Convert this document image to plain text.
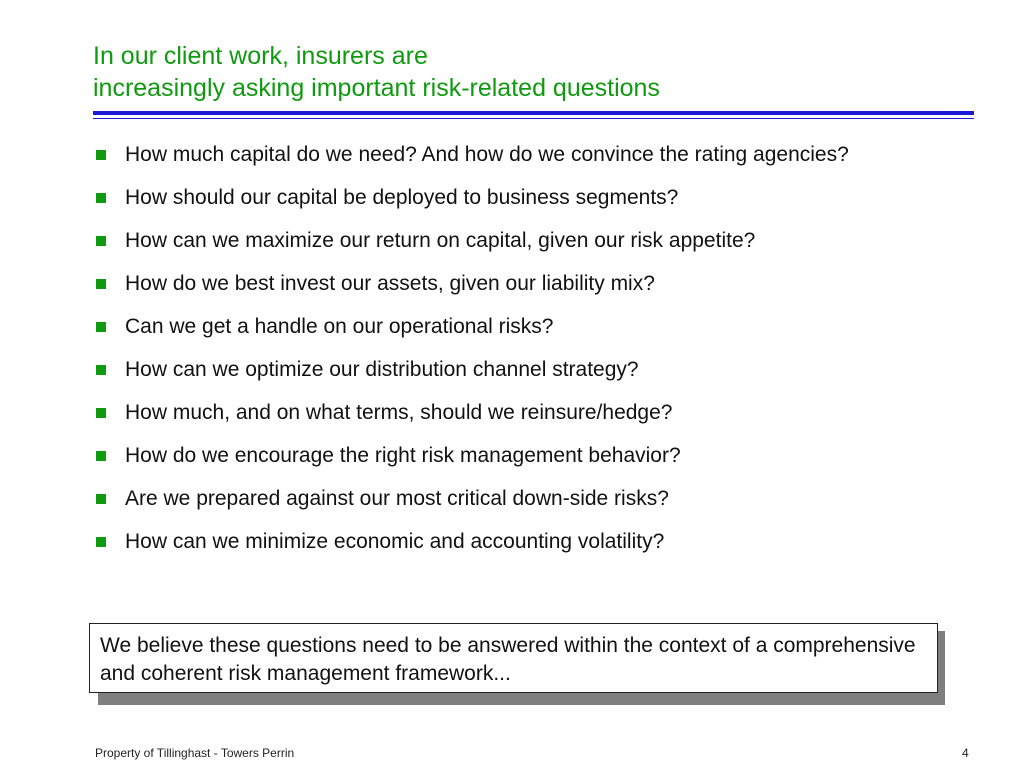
In our client work, insurers are
increasingly asking important risk-related questions
How much capital do we need? And how do we convince the rating agencies?
How should our capital be deployed to business segments?
How can we maximize our return on capital, given our risk appetite?
How do we best invest our assets, given our liability mix?
Can we get a handle on our operational risks?
How can we optimize our distribution channel strategy?
How much, and on what terms, should we reinsure/hedge?
How do we encourage the right risk management behavior?
Are we prepared against our most critical down-side risks?
How can we minimize economic and accounting volatility?
We believe these questions need to be answered within the context of a comprehensive and coherent risk management framework...
Property of Tillinghast - Towers Perrin	4
